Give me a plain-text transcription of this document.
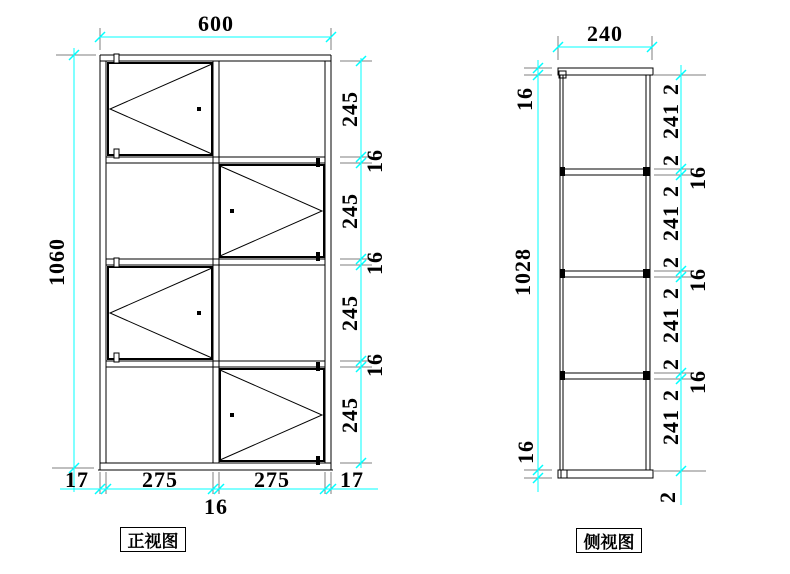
600
1060
245
16
245
16
245
16
245
17 275	275 17
16
240
16
1028
16
2
241
2
16
2
241
2
16
2
241
2
16
2
241
2
正视图	侧视图
